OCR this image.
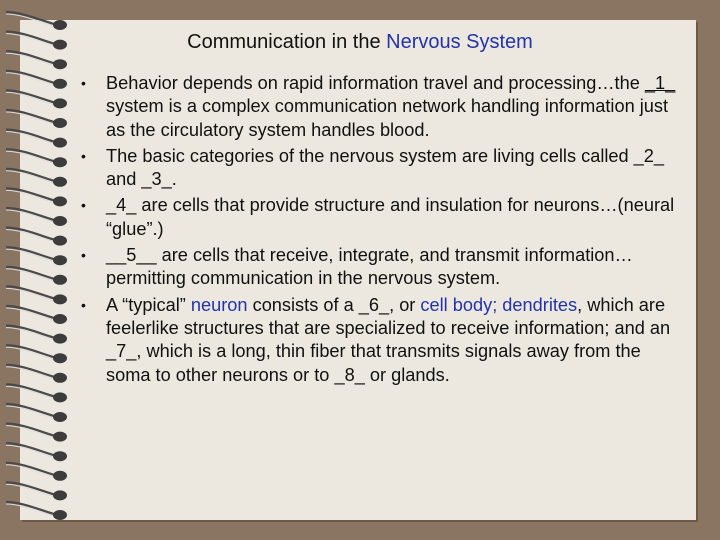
Communication in the Nervous System
• Behavior depends on rapid information travel and processing…the _1_ system is a complex communication network handling information just as the circulatory system handles blood.
• The basic categories of the nervous system are living cells called _2_ and _3_.
• _4_ are cells that provide structure and insulation for neurons…(neural “glue”.)
• __5__ are cells that receive, integrate, and transmit information…permitting communication in the nervous system.
• A “typical” neuron consists of a _6_, or cell body; dendrites, which are feelerlike structures that are specialized to receive information; and an _7_, which is a long, thin fiber that transmits signals away from the soma to other neurons or to _8_ or glands.
